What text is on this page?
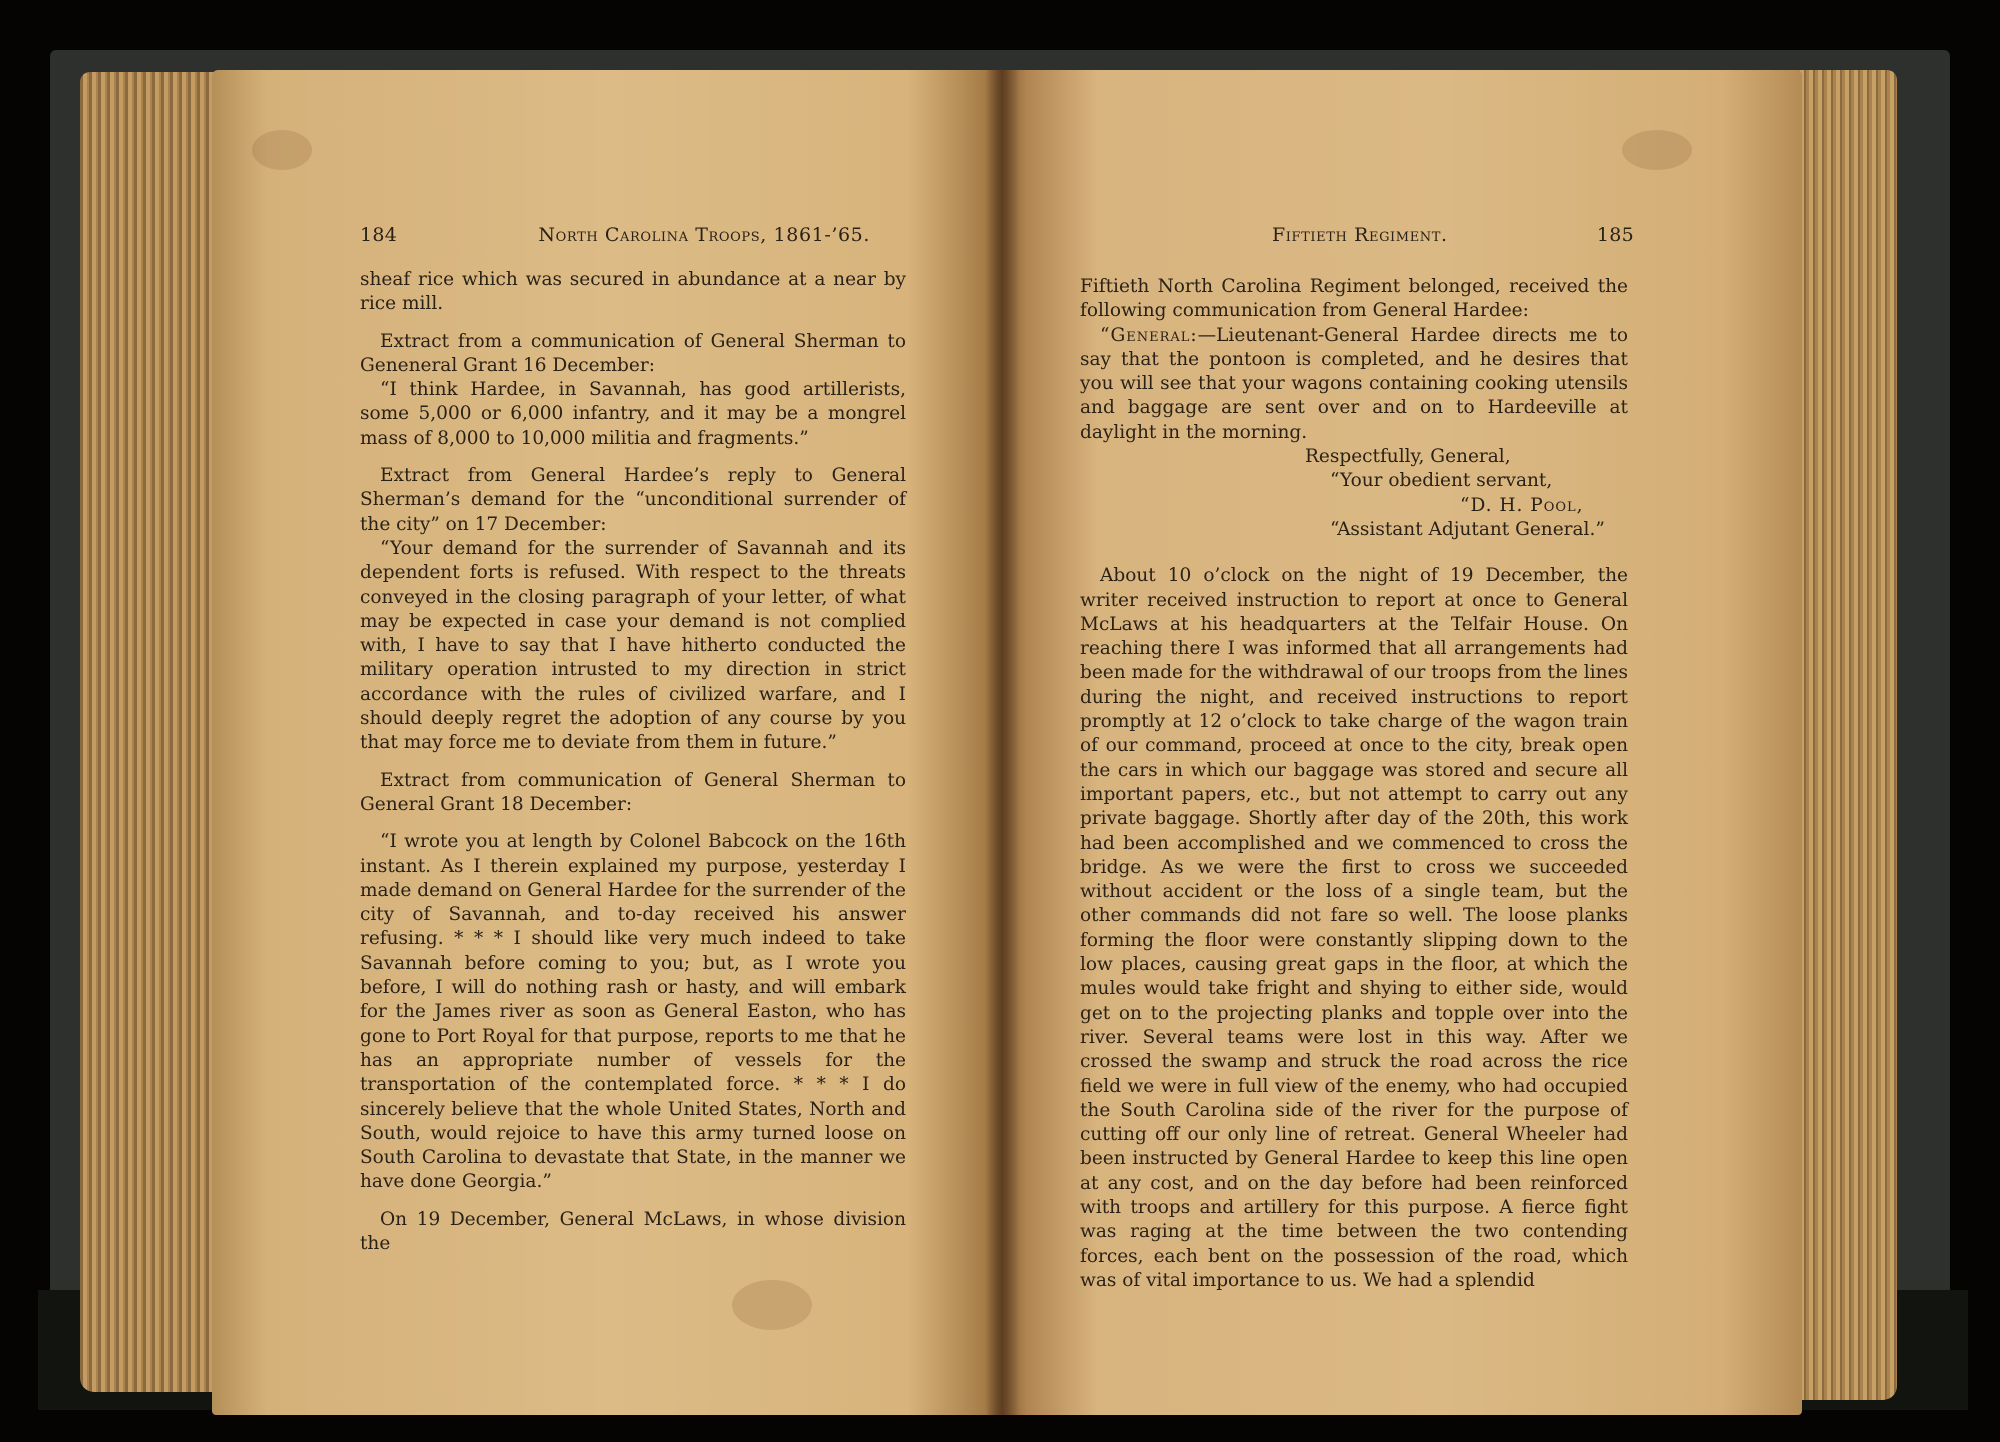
184	North Carolina Troops, 1861-’65.

sheaf rice which was secured in abundance at a near by rice mill.

Extract from a communication of General Sherman to Geneneral Grant 16 December:

“I think Hardee, in Savannah, has good artillerists, some 5,000 or 6,000 infantry, and it may be a mongrel mass of 8,000 to 10,000 militia and fragments.”

Extract from General Hardee’s reply to General Sherman’s demand for the “unconditional surrender of the city” on 17 December:

“Your demand for the surrender of Savannah and its dependent forts is refused. With respect to the threats conveyed in the closing paragraph of your letter, of what may be expected in case your demand is not complied with, I have to say that I have hitherto conducted the military operation intrusted to my direction in strict accordance with the rules of civilized warfare, and I should deeply regret the adoption of any course by you that may force me to deviate from them in future.”

Extract from communication of General Sherman to General Grant 18 December:

“I wrote you at length by Colonel Babcock on the 16th instant. As I therein explained my purpose, yesterday I made demand on General Hardee for the surrender of the city of Savannah, and to-day received his answer refusing. * * * I should like very much indeed to take Savannah before coming to you; but, as I wrote you before, I will do nothing rash or hasty, and will embark for the James river as soon as General Easton, who has gone to Port Royal for that purpose, reports to me that he has an appropriate number of vessels for the transportation of the contemplated force. * * * I do sincerely believe that the whole United States, North and South, would rejoice to have this army turned loose on South Carolina to devastate that State, in the manner we have done Georgia.”

On 19 December, General McLaws, in whose division the

Fiftieth Regiment.	185

Fiftieth North Carolina Regiment belonged, received the following communication from General Hardee:

“General:—Lieutenant-General Hardee directs me to say that the pontoon is completed, and he desires that you will see that your wagons containing cooking utensils and baggage are sent over and on to Hardeeville at daylight in the morning.

Respectfully, General,
“Your obedient servant,
“D. H. Pool,
“Assistant Adjutant General.”

About 10 o’clock on the night of 19 December, the writer received instruction to report at once to General McLaws at his headquarters at the Telfair House. On reaching there I was informed that all arrangements had been made for the withdrawal of our troops from the lines during the night, and received instructions to report promptly at 12 o’clock to take charge of the wagon train of our command, proceed at once to the city, break open the cars in which our baggage was stored and secure all important papers, etc., but not attempt to carry out any private baggage. Shortly after day of the 20th, this work had been accomplished and we commenced to cross the bridge. As we were the first to cross we succeeded without accident or the loss of a single team, but the other commands did not fare so well. The loose planks forming the floor were constantly slipping down to the low places, causing great gaps in the floor, at which the mules would take fright and shying to either side, would get on to the projecting planks and topple over into the river. Several teams were lost in this way. After we crossed the swamp and struck the road across the rice field we were in full view of the enemy, who had occupied the South Carolina side of the river for the purpose of cutting off our only line of retreat. General Wheeler had been instructed by General Hardee to keep this line open at any cost, and on the day before had been reinforced with troops and artillery for this purpose. A fierce fight was raging at the time between the two contending forces, each bent on the possession of the road, which was of vital importance to us. We had a splendid
